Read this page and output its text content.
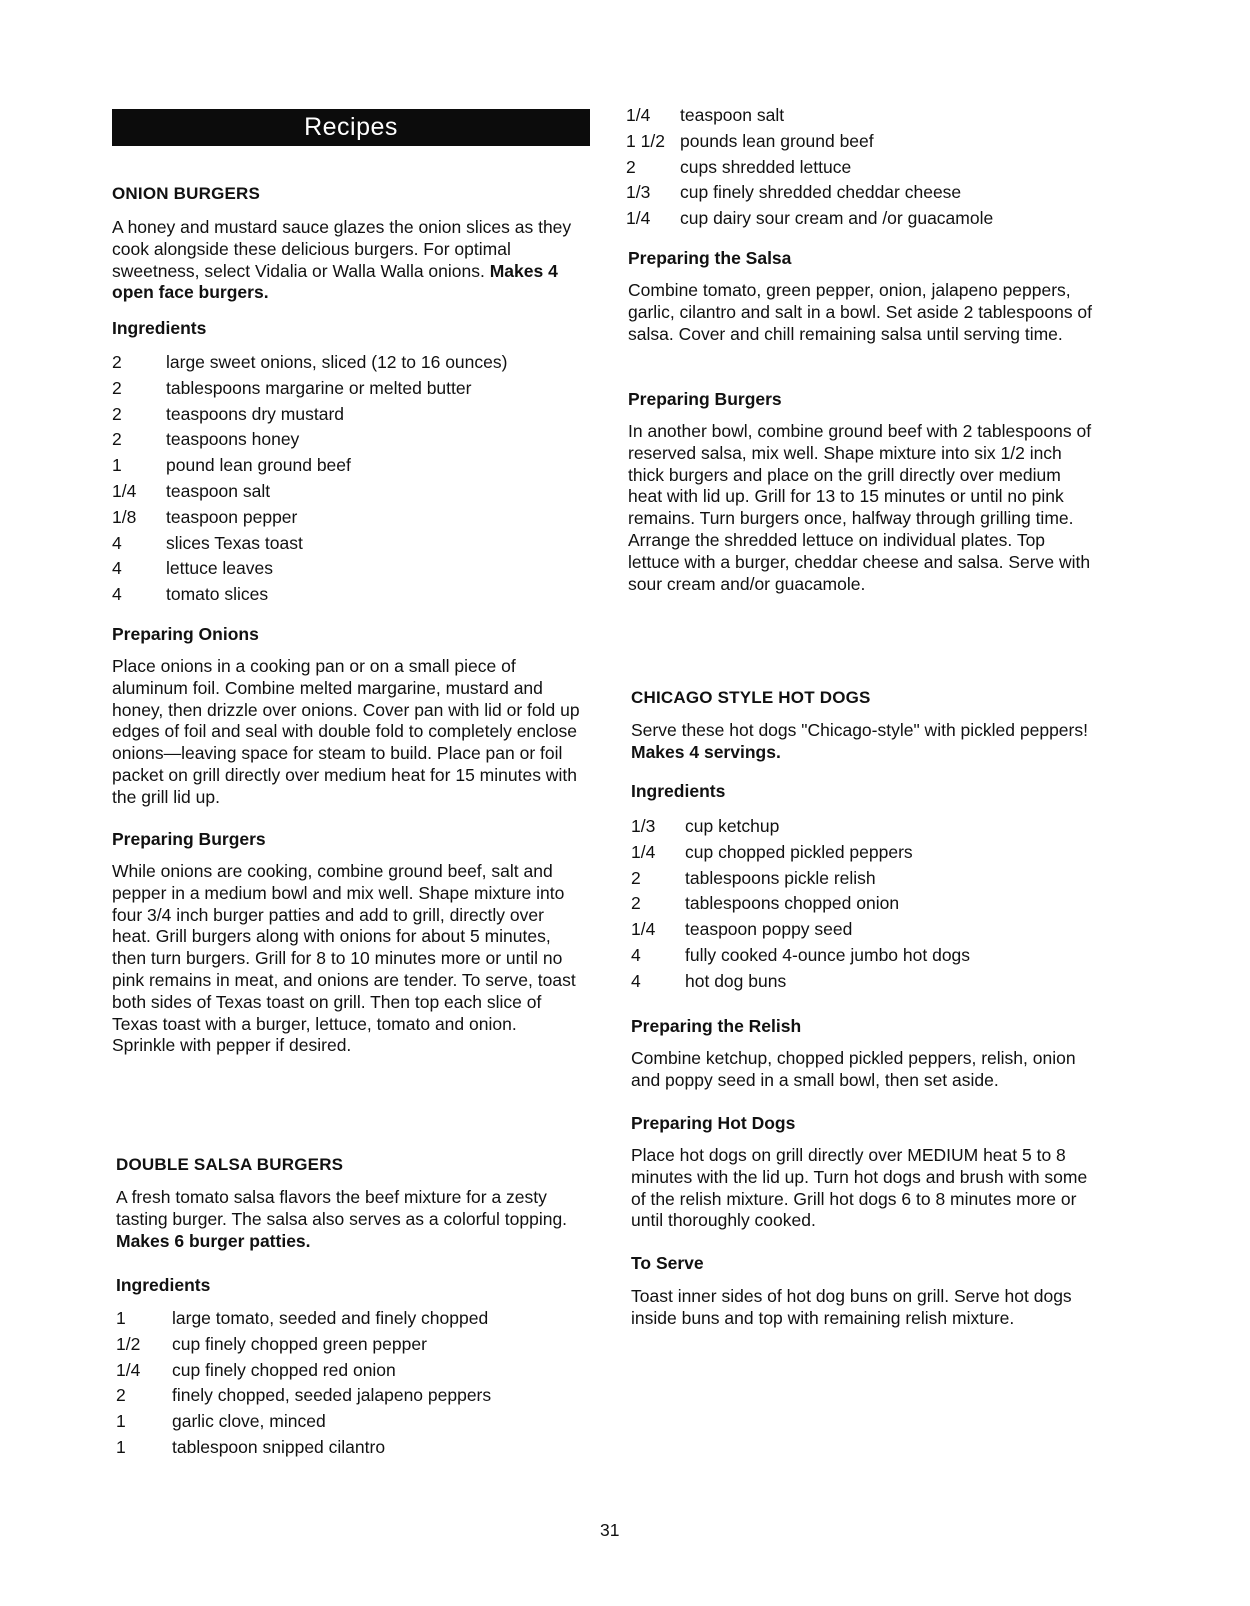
Recipes
ONION BURGERS
A honey and mustard sauce glazes the onion slices as they cook alongside these delicious burgers. For optimal sweetness, select Vidalia or Walla Walla onions. Makes 4 open face burgers.
Ingredients
2	large sweet onions, sliced (12 to 16 ounces)
2	tablespoons margarine or melted butter
2	teaspoons dry mustard
2	teaspoons honey
1	pound lean ground beef
1/4	teaspoon salt
1/8	teaspoon pepper
4	slices Texas toast
4	lettuce leaves
4	tomato slices
Preparing Onions
Place onions in a cooking pan or on a small piece of aluminum foil. Combine melted margarine, mustard and honey, then drizzle over onions. Cover pan with lid or fold up edges of foil and seal with double fold to completely enclose onions—leaving space for steam to build. Place pan or foil packet on grill directly over medium heat for 15 minutes with the grill lid up.
Preparing Burgers
While onions are cooking, combine ground beef, salt and pepper in a medium bowl and mix well. Shape mixture into four 3/4 inch burger patties and add to grill, directly over heat. Grill burgers along with onions for about 5 minutes, then turn burgers. Grill for 8 to 10 minutes more or until no pink remains in meat, and onions are tender. To serve, toast both sides of Texas toast on grill. Then top each slice of Texas toast with a burger, lettuce, tomato and onion. Sprinkle with pepper if desired.
DOUBLE SALSA BURGERS
A fresh tomato salsa flavors the beef mixture for a zesty tasting burger. The salsa also serves as a colorful topping. Makes 6 burger patties.
Ingredients
1	large tomato, seeded and finely chopped
1/2	cup finely chopped green pepper
1/4	cup finely chopped red onion
2	finely chopped, seeded jalapeno peppers
1	garlic clove, minced
1	tablespoon snipped cilantro
31
1/4	teaspoon salt
1 1/2 pounds lean ground beef
2	cups shredded lettuce
1/3	cup finely shredded cheddar cheese
1/4	cup dairy sour cream and /or guacamole
Preparing the Salsa
Combine tomato, green pepper, onion, jalapeno peppers, garlic, cilantro and salt in a bowl. Set aside 2 tablespoons of salsa. Cover and chill remaining salsa until serving time.
Preparing Burgers
In another bowl, combine ground beef with 2 tablespoons of reserved salsa, mix well. Shape mixture into six 1/2 inch thick burgers and place on the grill directly over medium heat with lid up. Grill for 13 to 15 minutes or until no pink remains. Turn burgers once, halfway through grilling time. Arrange the shredded lettuce on individual plates. Top lettuce with a burger, cheddar cheese and salsa. Serve with sour cream and/or guacamole.
CHICAGO STYLE HOT DOGS
Serve these hot dogs "Chicago-style" with pickled peppers! Makes 4 servings.
Ingredients
1/3	cup ketchup
1/4	cup chopped pickled peppers
2	tablespoons pickle relish
2	tablespoons chopped onion
1/4	teaspoon poppy seed
4	fully cooked 4-ounce jumbo hot dogs
4	hot dog buns
Preparing the Relish
Combine ketchup, chopped pickled peppers, relish, onion and poppy seed in a small bowl, then set aside.
Preparing Hot Dogs
Place hot dogs on grill directly over MEDIUM heat 5 to 8 minutes with the lid up. Turn hot dogs and brush with some of the relish mixture. Grill hot dogs 6 to 8 minutes more or until thoroughly cooked.
To Serve
Toast inner sides of hot dog buns on grill. Serve hot dogs inside buns and top with remaining relish mixture.
